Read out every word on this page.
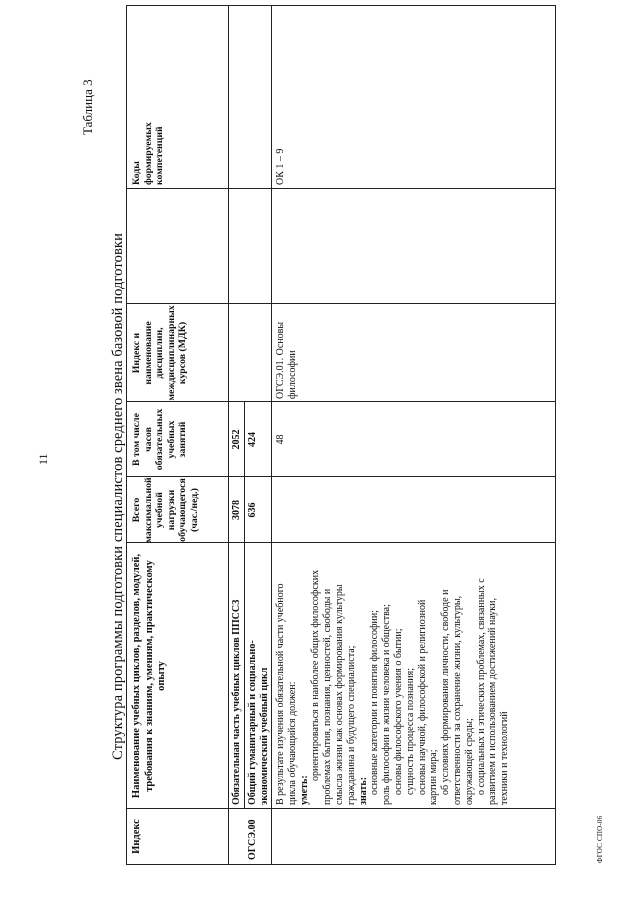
11
ФГОС СПО-06
Таблица 3
Структура программы подготовки специалистов среднего звена базовой подготовки
Индекс
Наименование учебных циклов, разделов, модулей, требования к знаниям, умениям, практическому опыту
Всего максимальной учебной нагрузки обучающегося (час./нед.)
В том числе часов обязательных учебных занятий
Индекс и наименование дисциплин, междисциплинарных курсов (МДК)
Коды формируемых компетенций
Обязательная часть учебных циклов ППССЗ
3078
2052
ОГСЭ.00
Общий гуманитарный и социально- экономический учебный цикл
636
424
В результате изучения обязательной части учебного цикла обучающийся должен: уметь:
ориентироваться в наиболее общих философских проблемах бытия, познания, ценностей, свободы и смысла жизни как основах формирования культуры гражданина и будущего специалиста; знать: основные категории и понятия философии; роль философии в жизни человека и общества; основы философского учения о бытии; сущность процесса познания; основы научной, философской и религиозной картин мира; об условиях формирования личности, свободе и ответственности за сохранение жизни, культуры, окружающей среды; о социальных и этических проблемах, связанных с развитием и использованием достижений науки, техники и технологий
48
ОГСЭ.01. Основы философии
ОК 1 – 9
